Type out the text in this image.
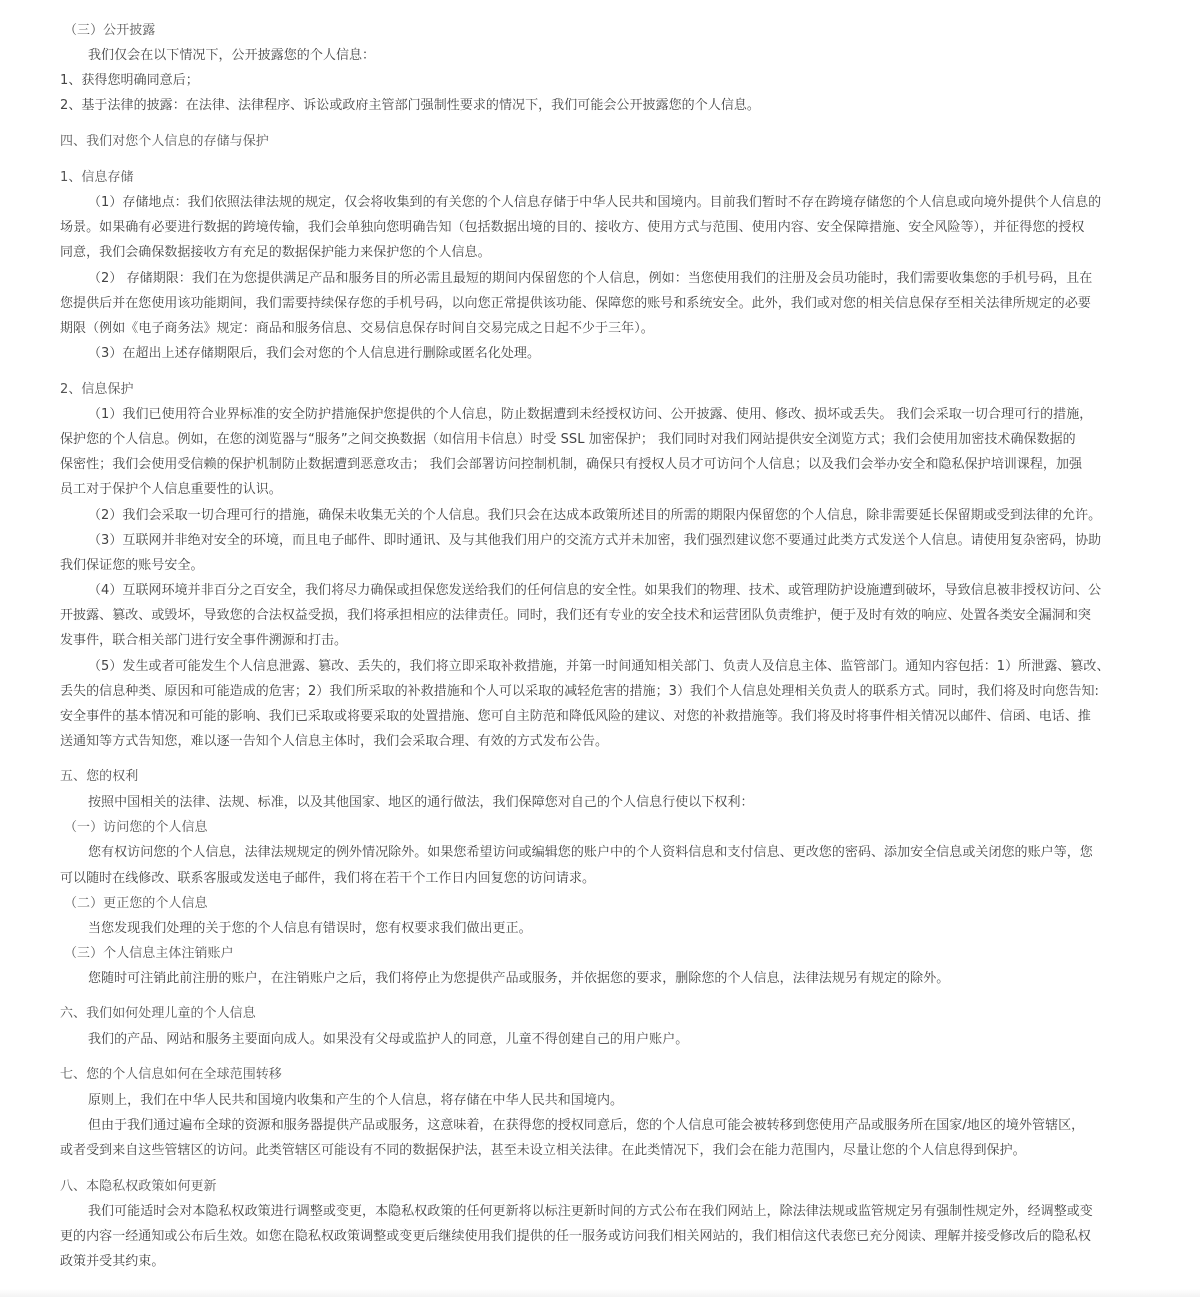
（三）公开披露
我们仅会在以下情况下，公开披露您的个人信息：
1、获得您明确同意后；
2、基于法律的披露：在法律、法律程序、诉讼或政府主管部门强制性要求的情况下，我们可能会公开披露您的个人信息。
四、我们对您个人信息的存储与保护
1、信息存储
（1）存储地点：我们依照法律法规的规定，仅会将收集到的有关您的个人信息存储于中华人民共和国境内。目前我们暂时不存在跨境存储您的个人信息或向境外提供个人信息的
场景。如果确有必要进行数据的跨境传输，我们会单独向您明确告知（包括数据出境的目的、接收方、使用方式与范围、使用内容、安全保障措施、安全风险等），并征得您的授权
同意，我们会确保数据接收方有充足的数据保护能力来保护您的个人信息。
（2） 存储期限：我们在为您提供满足产品和服务目的所必需且最短的期间内保留您的个人信息，例如：当您使用我们的注册及会员功能时，我们需要收集您的手机号码，且在
您提供后并在您使用该功能期间，我们需要持续保存您的手机号码，以向您正常提供该功能、保障您的账号和系统安全。此外，我们或对您的相关信息保存至相关法律所规定的必要
期限（例如《电子商务法》规定：商品和服务信息、交易信息保存时间自交易完成之日起不少于三年）。
（3）在超出上述存储期限后，我们会对您的个人信息进行删除或匿名化处理。
2、信息保护
（1）我们已使用符合业界标准的安全防护措施保护您提供的个人信息，防止数据遭到未经授权访问、公开披露、使用、修改、损坏或丢失。 我们会采取一切合理可行的措施，
保护您的个人信息。例如，在您的浏览器与“服务”之间交换数据（如信用卡信息）时受 SSL 加密保护； 我们同时对我们网站提供安全浏览方式；我们会使用加密技术确保数据的
保密性；我们会使用受信赖的保护机制防止数据遭到恶意攻击； 我们会部署访问控制机制，确保只有授权人员才可访问个人信息；以及我们会举办安全和隐私保护培训课程，加强
员工对于保护个人信息重要性的认识。
（2）我们会采取一切合理可行的措施，确保未收集无关的个人信息。我们只会在达成本政策所述目的所需的期限内保留您的个人信息，除非需要延长保留期或受到法律的允许。
（3）互联网并非绝对安全的环境，而且电子邮件、即时通讯、及与其他我们用户的交流方式并未加密，我们强烈建议您不要通过此类方式发送个人信息。请使用复杂密码，协助
我们保证您的账号安全。
（4）互联网环境并非百分之百安全，我们将尽力确保或担保您发送给我们的任何信息的安全性。如果我们的物理、技术、或管理防护设施遭到破坏，导致信息被非授权访问、公
开披露、篡改、或毁坏，导致您的合法权益受损，我们将承担相应的法律责任。同时，我们还有专业的安全技术和运营团队负责维护，便于及时有效的响应、处置各类安全漏洞和突
发事件，联合相关部门进行安全事件溯源和打击。
（5）发生或者可能发生个人信息泄露、篡改、丢失的，我们将立即采取补救措施，并第一时间通知相关部门、负责人及信息主体、监管部门。通知内容包括：1）所泄露、篡改、
丢失的信息种类、原因和可能造成的危害；2）我们所采取的补救措施和个人可以采取的减轻危害的措施；3）我们个人信息处理相关负责人的联系方式。同时，我们将及时向您告知:
安全事件的基本情况和可能的影响、我们已采取或将要采取的处置措施、您可自主防范和降低风险的建议、对您的补救措施等。我们将及时将事件相关情况以邮件、信函、电话、推
送通知等方式告知您，难以逐一告知个人信息主体时，我们会采取合理、有效的方式发布公告。
五、您的权利
按照中国相关的法律、法规、标准，以及其他国家、地区的通行做法，我们保障您对自己的个人信息行使以下权利：
（一）访问您的个人信息
您有权访问您的个人信息，法律法规规定的例外情况除外。如果您希望访问或编辑您的账户中的个人资料信息和支付信息、更改您的密码、添加安全信息或关闭您的账户等，您
可以随时在线修改、联系客服或发送电子邮件，我们将在若干个工作日内回复您的访问请求。
（二）更正您的个人信息
当您发现我们处理的关于您的个人信息有错误时，您有权要求我们做出更正。
（三）个人信息主体注销账户
您随时可注销此前注册的账户，在注销账户之后，我们将停止为您提供产品或服务，并依据您的要求，删除您的个人信息，法律法规另有规定的除外。
六、我们如何处理儿童的个人信息
我们的产品、网站和服务主要面向成人。如果没有父母或监护人的同意，儿童不得创建自己的用户账户。
七、您的个人信息如何在全球范围转移
原则上，我们在中华人民共和国境内收集和产生的个人信息，将存储在中华人民共和国境内。
但由于我们通过遍布全球的资源和服务器提供产品或服务，这意味着，在获得您的授权同意后，您的个人信息可能会被转移到您使用产品或服务所在国家/地区的境外管辖区，
或者受到来自这些管辖区的访问。此类管辖区可能设有不同的数据保护法，甚至未设立相关法律。在此类情况下，我们会在能力范围内，尽量让您的个人信息得到保护。
八、本隐私权政策如何更新
我们可能适时会对本隐私权政策进行调整或变更，本隐私权政策的任何更新将以标注更新时间的方式公布在我们网站上，除法律法规或监管规定另有强制性规定外，经调整或变
更的内容一经通知或公布后生效。如您在隐私权政策调整或变更后继续使用我们提供的任一服务或访问我们相关网站的，我们相信这代表您已充分阅读、理解并接受修改后的隐私权
政策并受其约束。
